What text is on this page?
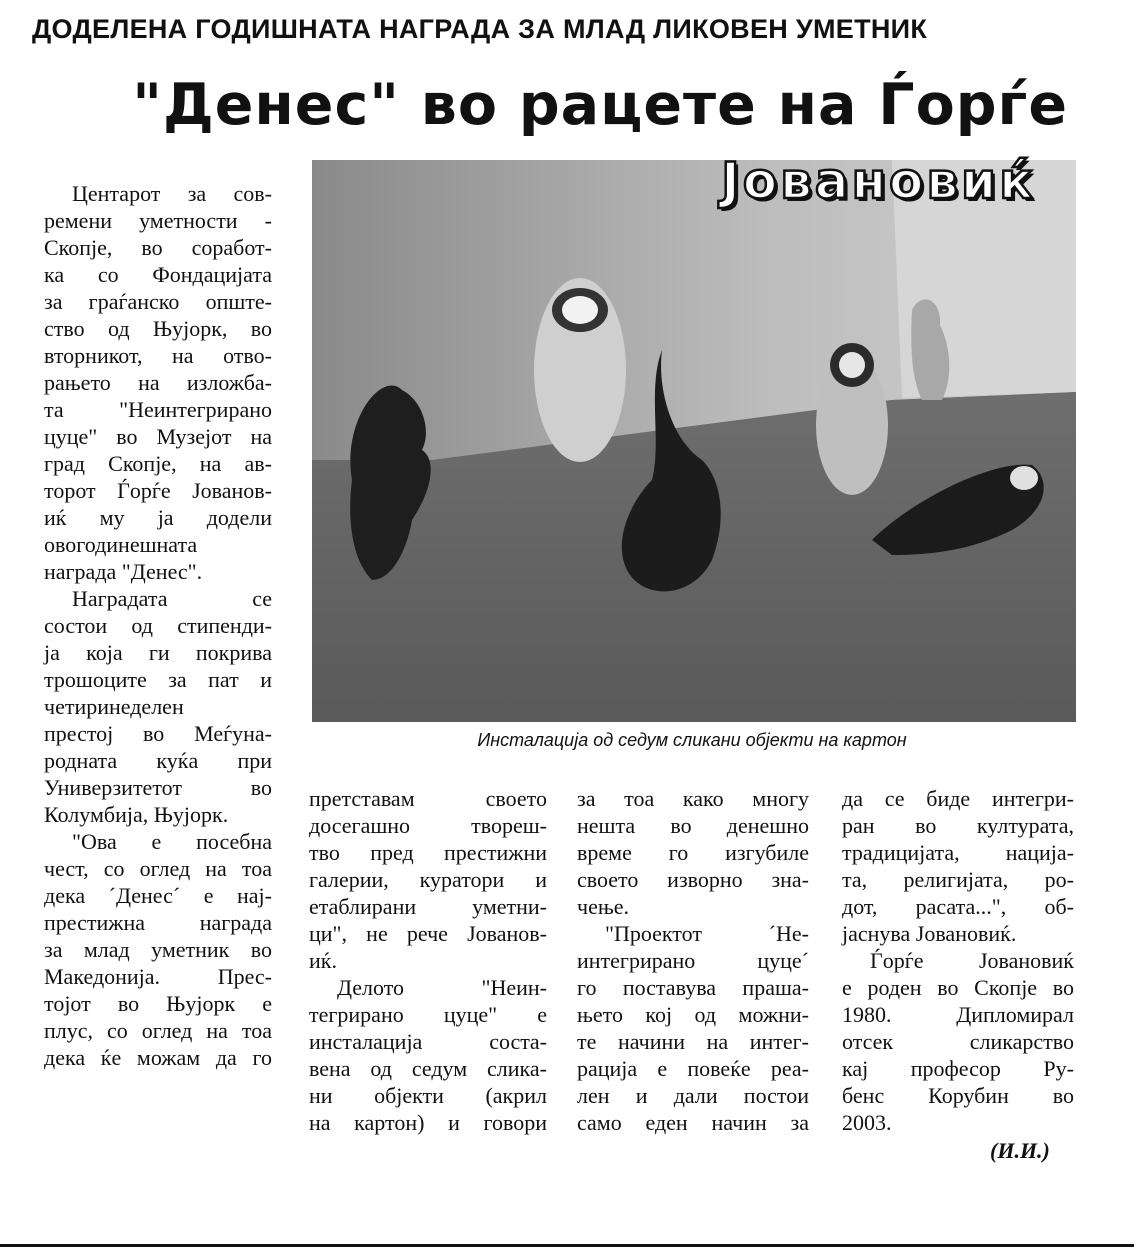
ДОДЕЛЕНА ГОДИШНАТА НАГРАДА ЗА МЛАД ЛИКОВЕН УМЕТНИК
"Денес" во рацете на Ѓорѓе
Јовановиќ
Инсталација од седум сликани објекти на картон
Центарот за сов-
ремени уметности -
Скопје, во соработ-
ка со Фондацијата
за граѓанско опште-
ство од Њујорк, во
вторникот, на отво-
рањето на изложба-
та "Неинтегрирано
цуце" во Музејот на
град Скопје, на ав-
торот Ѓорѓе Јованов-
иќ му ја додели
овогодинешната
награда "Денес".
Наградата се
состои од стипенди-
ја која ги покрива
трошоците за пат и
четиринеделен
престој во Меѓуна-
родната куќа при
Универзитетот во
Колумбија, Њујорк.
"Ова е посебна
чест, со оглед на тоа
дека ´Денес´ е нај-
престижна награда
за млад уметник во
Македонија. Прес-
тојот во Њујорк е
плус, со оглед на тоа
дека ќе можам да го
претставам своето
досегашно твореш-
тво пред престижни
галерии, куратори и
етаблирани уметни-
ци", не рече Јованов-
иќ.
Делото "Неин-
тегрирано цуце" е
инсталација состa-
вена од седум слика-
ни објекти (акрил
на картон) и говори
за тоа како многу
нешта во денешно
време го изгубиле
своето изворно зна-
чење.
"Проектот ´Не-
интегрирано цуце´
го поставува праша-
њето кој од можни-
те начини на интег-
рација е повеќе реа-
лен и дали постои
само еден начин за
да се биде интегри-
ран во културата,
традицијата, нација-
та, религијата, ро-
дот, расата...", об-
јаснува Јовановиќ.
Ѓорѓе Јовановиќ
е роден во Скопје во
1980. Дипломирал
отсек сликарство
кај професор Ру-
бенс Корубин во
2003.
(И.И.)
